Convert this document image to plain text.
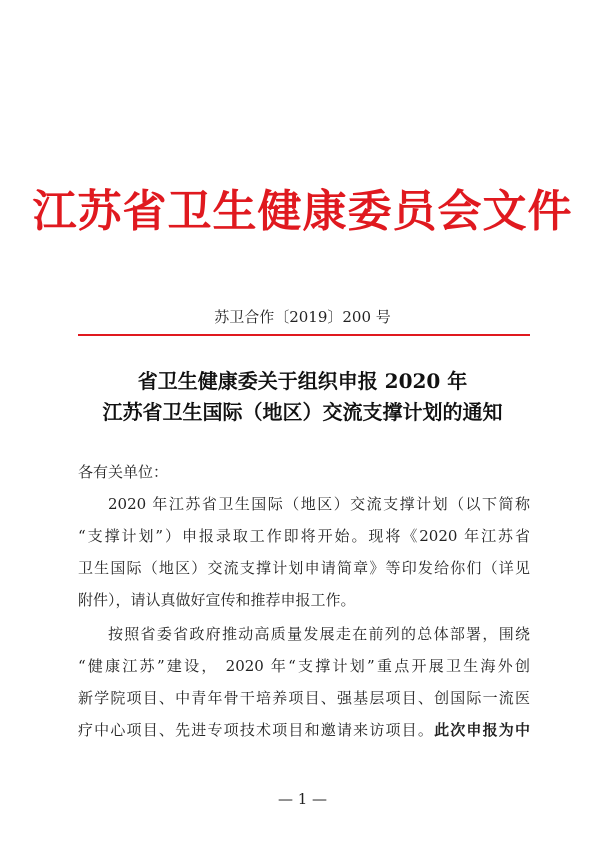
江苏省卫生健康委员会文件
苏卫合作〔2019〕200 号
省卫生健康委关于组织申报 2020 年
江苏省卫生国际（地区）交流支撑计划的通知
各有关单位：
2020 年江苏省卫生国际（地区）交流支撑计划（以下简称
“支撑计划”）申报录取工作即将开始。现将《2020 年江苏省
卫生国际（地区）交流支撑计划申请简章》等印发给你们（详见
附件），请认真做好宣传和推荐申报工作。
按照省委省政府推动高质量发展走在前列的总体部署，围绕
“健康江苏”建设， 2020 年“支撑计划”重点开展卫生海外创
新学院项目、中青年骨干培养项目、强基层项目、创国际一流医
疗中心项目、先进专项技术项目和邀请来访项目。此次申报为中
— 1 —
